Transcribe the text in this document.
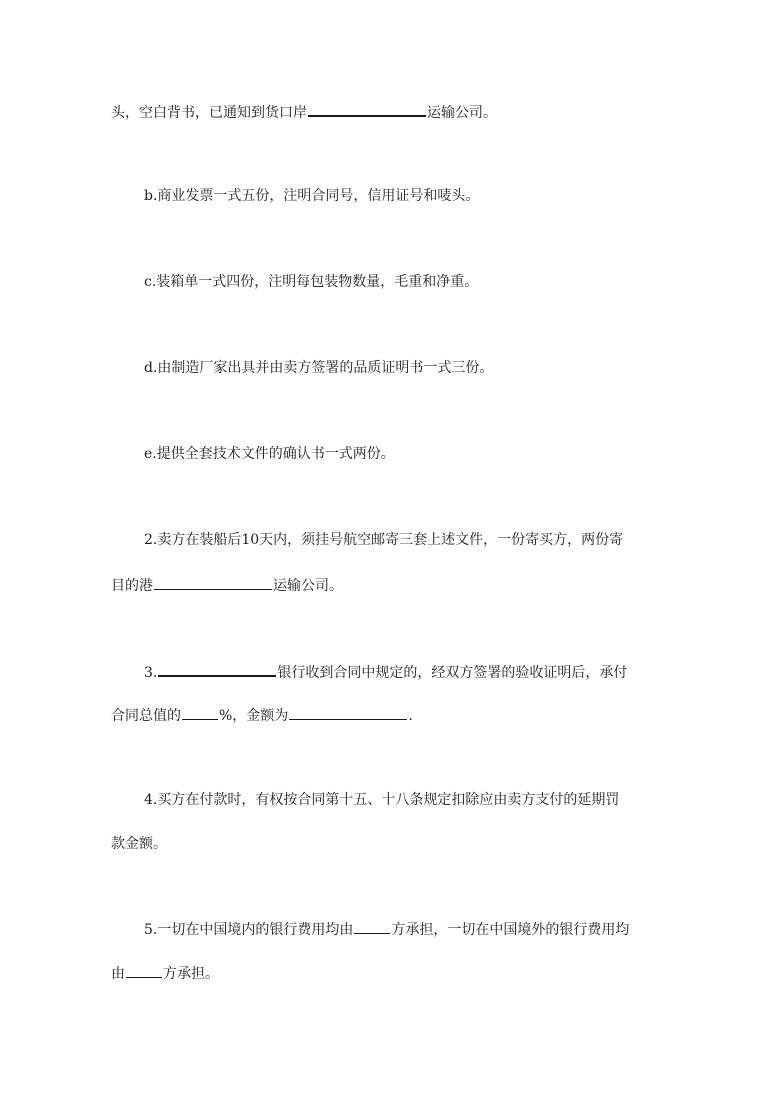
头，空白背书，已通知到货口岸	运输公司。
b.商业发票一式五份，注明合同号，信用证号和唛头。
c.装箱单一式四份，注明每包装物数量，毛重和净重。
d.由制造厂家出具并由卖方签署的品质证明书一式三份。
e.提供全套技术文件的确认书一式两份。
2.卖方在装船后10天内，须挂号航空邮寄三套上述文件，一份寄买方，两份寄
目的港	运输公司。
3.	银行收到合同中规定的，经双方签署的验收证明后，承付
合同总值的	%，金额为	.
4.买方在付款时，有权按合同第十五、十八条规定扣除应由卖方支付的延期罚
款金额。
5.一切在中国境内的银行费用均由	方承担，一切在中国境外的银行费用均
由	方承担。
